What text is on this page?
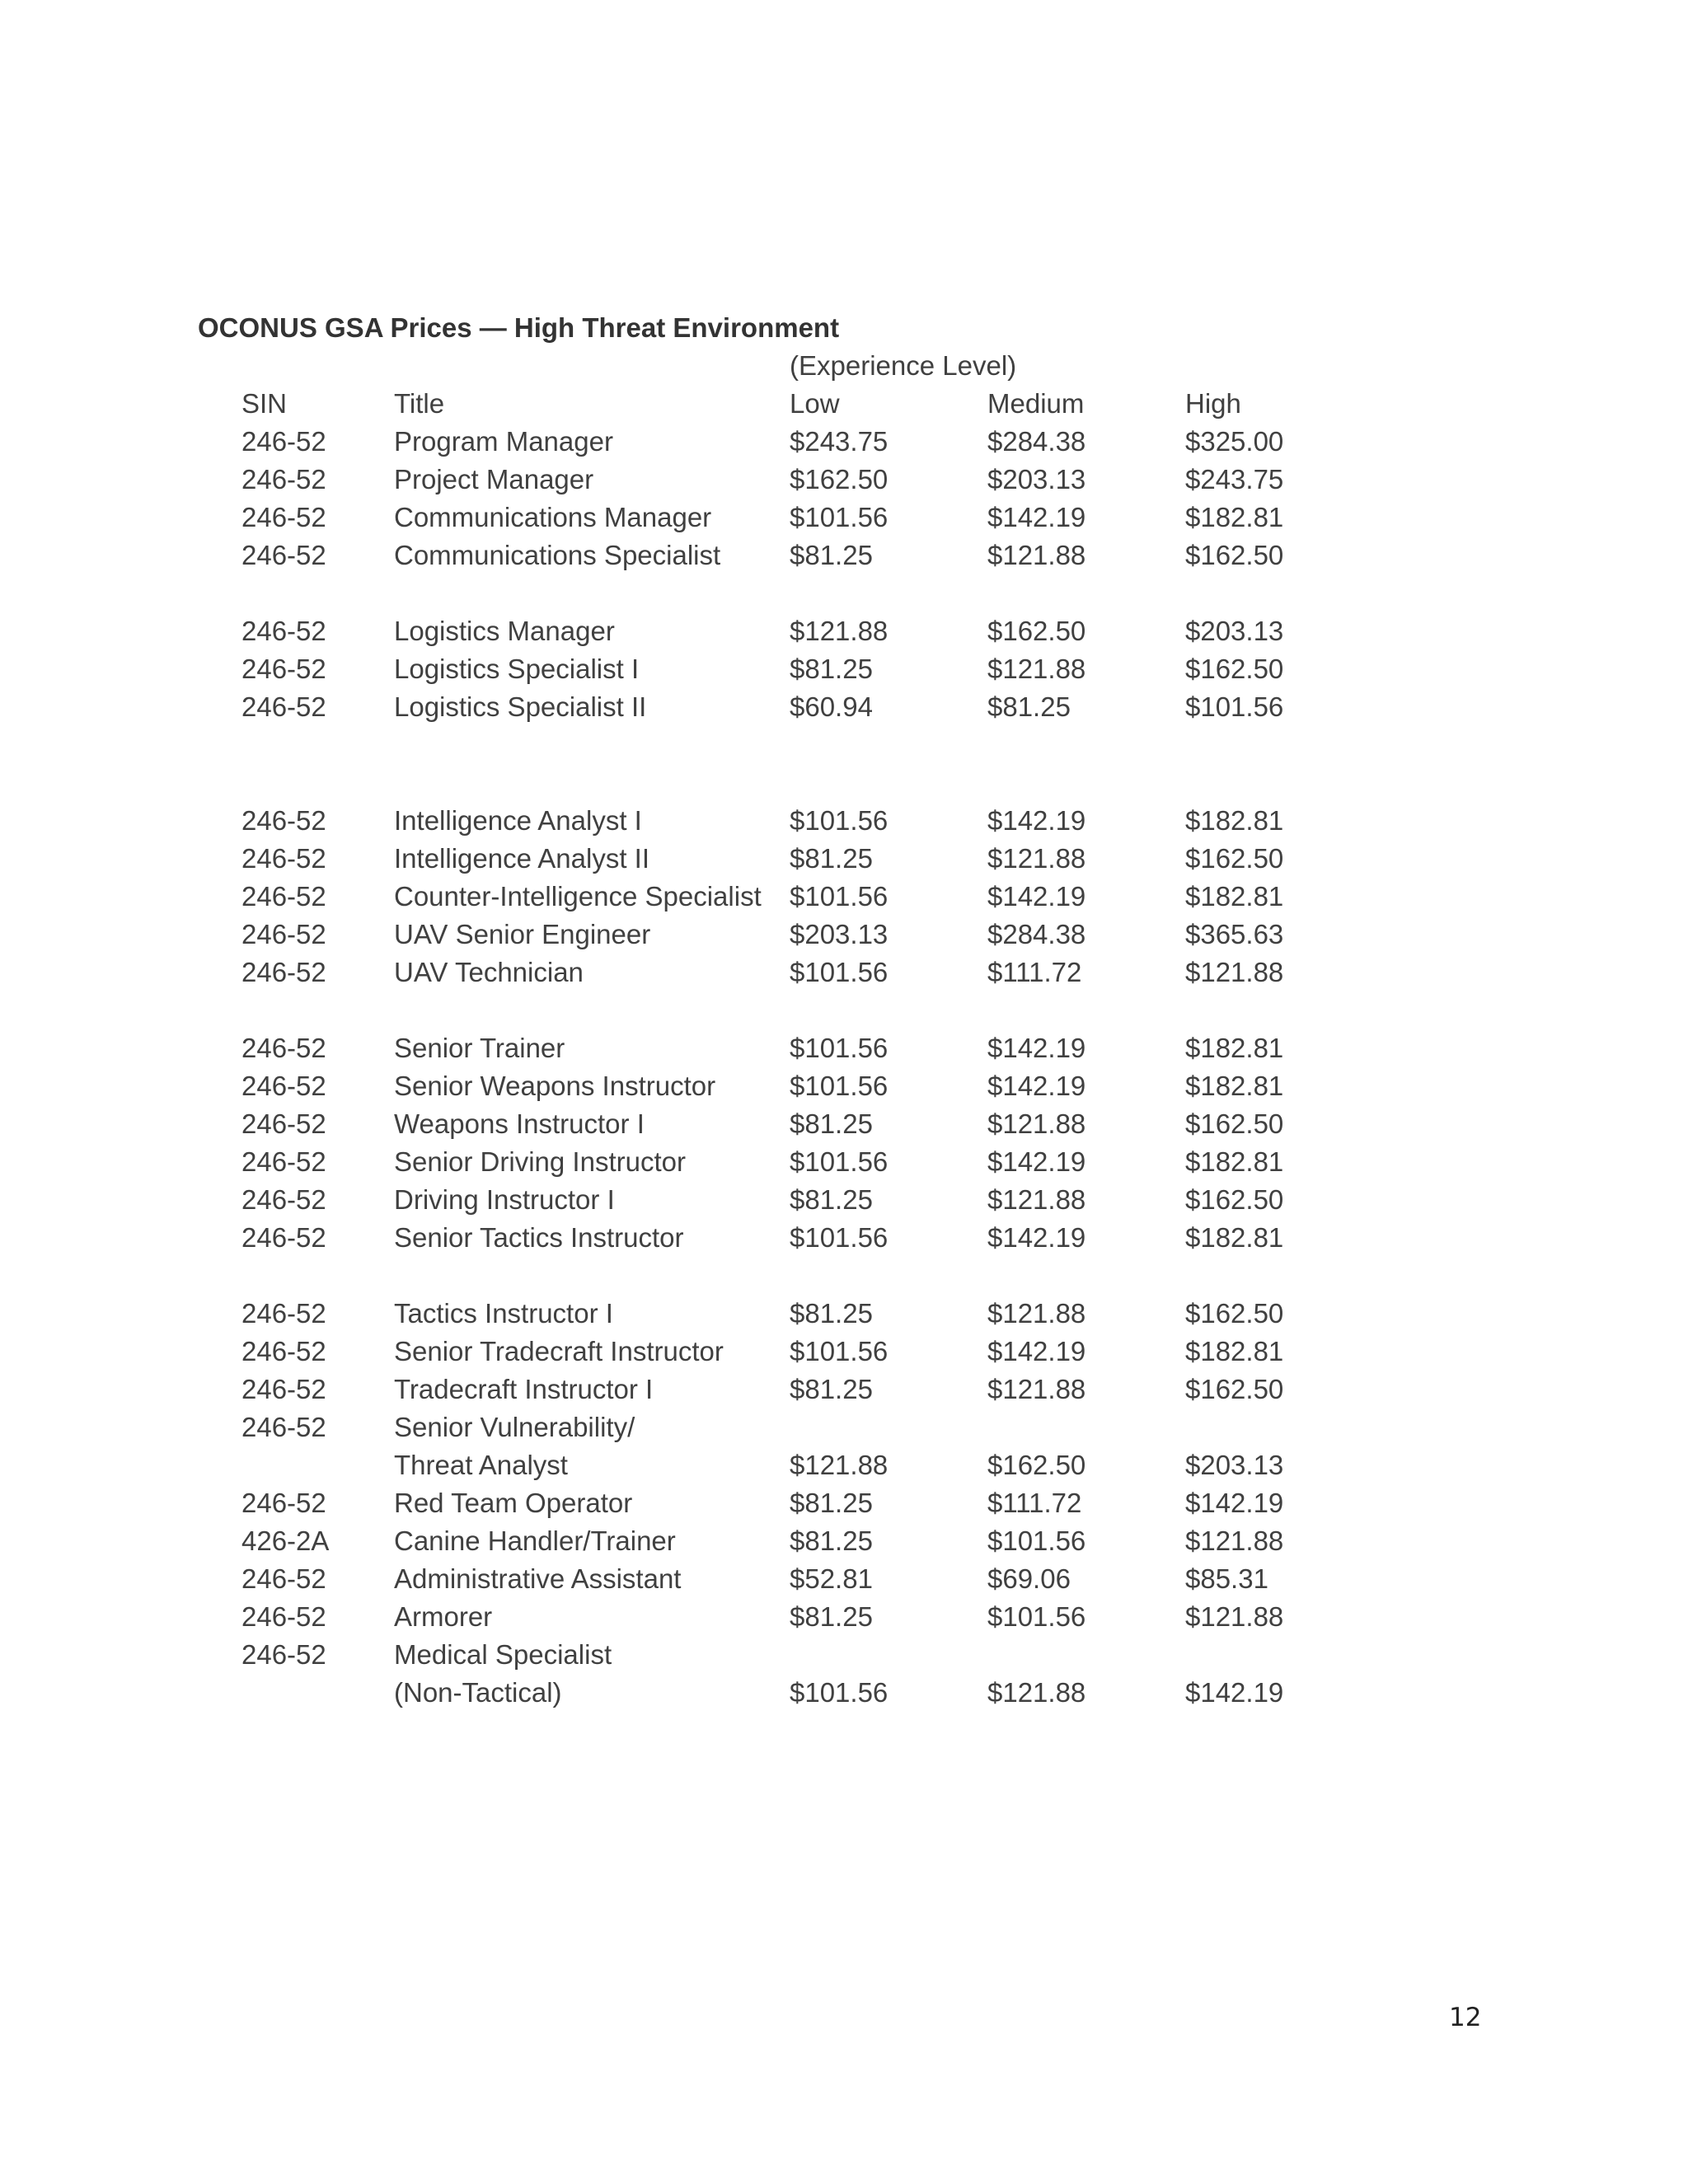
OCONUS GSA Prices — High Threat Environment
(Experience Level)
SIN	Title	Low	Medium	High
246-52 Program Manager	$243.75	$284.38	$325.00
246-52 Project Manager	$162.50	$203.13	$243.75
246-52 Communications Manager	$101.56	$142.19	$182.81
246-52 Communications Specialist	$81.25	$121.88	$162.50
246-52 Logistics Manager	$121.88	$162.50	$203.13
246-52 Logistics Specialist I	$81.25	$121.88	$162.50
246-52 Logistics Specialist II	$60.94	$81.25	$101.56
246-52 Intelligence Analyst I	$101.56	$142.19	$182.81
246-52 Intelligence Analyst II	$81.25	$121.88	$162.50
246-52 Counter-Intelligence Specialist $101.56	$142.19	$182.81
246-52 UAV Senior Engineer	$203.13	$284.38	$365.63
246-52 UAV Technician	$101.56	$111.72	$121.88
246-52 Senior Trainer	$101.56	$142.19	$182.81
246-52 Senior Weapons Instructor	$101.56	$142.19	$182.81
246-52 Weapons Instructor I	$81.25	$121.88	$162.50
246-52 Senior Driving Instructor	$101.56	$142.19	$182.81
246-52 Driving Instructor I	$81.25	$121.88	$162.50
246-52 Senior Tactics Instructor	$101.56	$142.19	$182.81
246-52 Tactics Instructor I	$81.25	$121.88	$162.50
246-52 Senior Tradecraft Instructor $101.56	$142.19	$182.81
246-52 Tradecraft Instructor I	$81.25	$121.88	$162.50
246-52 Senior Vulnerability/
Threat Analyst	$121.88	$162.50	$203.13
246-52 Red Team Operator	$81.25	$111.72	$142.19
426-2A Canine Handler/Trainer	$81.25	$101.56	$121.88
246-52 Administrative Assistant	$52.81	$69.06	$85.31
246-52 Armorer	$81.25	$101.56	$121.88
246-52 Medical Specialist
(Non-Tactical)	$101.56	$121.88	$142.19
12
